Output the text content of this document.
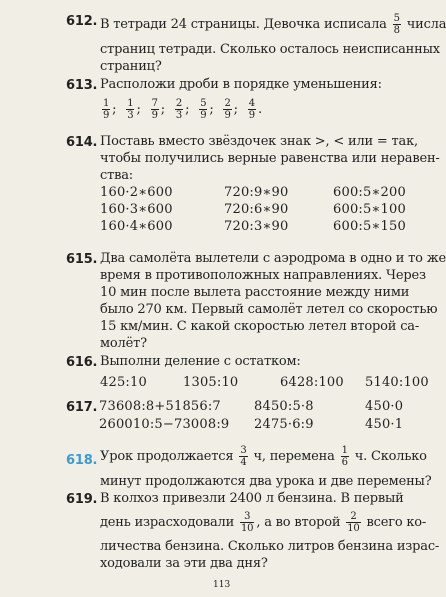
612. В тетради 24 страницы. Девочка исписала $\frac{5}{8}$ числа
страниц тетради. Сколько осталось неисписанных
страниц?
613. Расположи дроби в порядке уменьшения:
$\frac{1}{9}$ ; $\frac{1}{3}$ ; $\frac{7}{9}$ ; $\frac{2}{3}$ ; $\frac{5}{9}$ ; $\frac{2}{9}$ ; $\frac{4}{9}$ .
614. Поставь вместо звёздочек знак >, < или = так,
чтобы получились верные равенства или неравен-
ства:
160·2∗600	720:9∗90	600:5∗200
160·3∗600	720:6∗90	600:5∗100
160·4∗600	720:3∗90	600:5∗150
615. Два самолёта вылетели с аэродрома в одно и то же
время в противоположных направлениях. Через
10 мин после вылета расстояние между ними
было 270 км. Первый самолёт летел со скоростью
15 км/мин. С какой скоростью летел второй са-
молёт?
616. Выполни деление с остатком:
425:10	1305:10	6428:100 5140:100
617. 73608:8+51856:7	8450:5·8	450·0
260010:5−73008:9 2475·6:9	450·1
618. Урок продолжается $\frac{3}{4} ч$, перемена $\frac{1}{6} ч$. Сколько
минут продолжаются два урока и две перемены?
619. В колхоз привезли 2400 л бензина. В первый
день израсходовали $\frac{3}{10}$ , а во второй $\frac{2}{10}$ всего ко-
личества бензина. Сколько литров бензина израс-
ходовали за эти два дня?
113
